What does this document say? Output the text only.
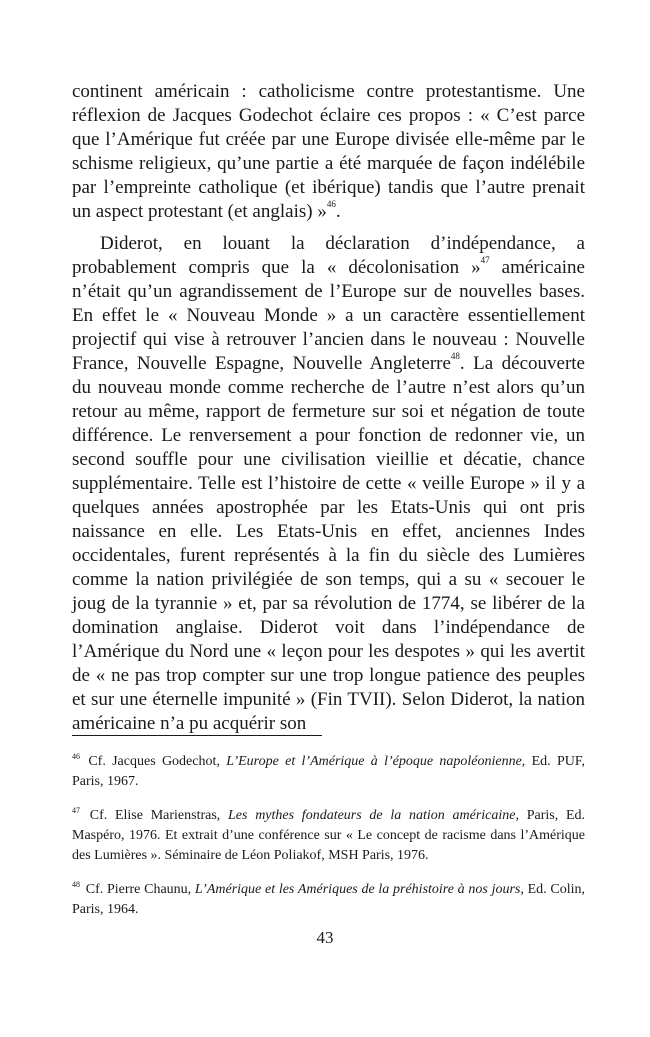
continent américain : catholicisme contre protestantisme. Une réflexion de Jacques Godechot éclaire ces propos : « C’est parce que l’Amérique fut créée par une Europe divisée elle-même par le schisme religieux, qu’une partie a été marquée de façon indélébile par l’empreinte catholique (et ibérique) tandis que l’autre prenait un aspect protestant (et anglais) »$^{46}$.

Diderot, en louant la déclaration d’indépendance, a probablement compris que la « décolonisation »$^{47}$ américaine n’était qu’un agrandissement de l’Europe sur de nouvelles bases. En effet le « Nouveau Monde » a un caractère essentiellement projectif qui vise à retrouver l’ancien dans le nouveau : Nouvelle France, Nouvelle Espagne, Nouvelle Angleterre$^{48}$. La découverte du nouveau monde comme recherche de l’autre n’est alors qu’un retour au même, rapport de fermeture sur soi et négation de toute différence. Le renversement a pour fonction de redonner vie, un second souffle pour une civilisation vieillie et décatie, chance supplémentaire. Telle est l’histoire de cette « veille Europe » il y a quelques années apostrophée par les Etats-Unis qui ont pris naissance en elle. Les Etats-Unis en effet, anciennes Indes occidentales, furent représentés à la fin du siècle des Lumières comme la nation privilégiée de son temps, qui a su « secouer le joug de la tyrannie » et, par sa révolution de 1774, se libérer de la domination anglaise. Diderot voit dans l’indépendance de l’Amérique du Nord une « leçon pour les despotes » qui les avertit de « ne pas trop compter sur une trop longue patience des peuples et sur une éternelle impunité » (Fin TVII). Selon Diderot, la nation américaine n’a pu acquérir son

$^{46}$ Cf. Jacques Godechot, L’Europe et l’Amérique à l’époque napoléonienne, Ed. PUF, Paris, 1967.

$^{47}$ Cf. Elise Marienstras, Les mythes fondateurs de la nation américaine, Paris, Ed. Maspéro, 1976. Et extrait d’une conférence sur « Le concept de racisme dans l’Amérique des Lumières ». Séminaire de Léon Poliakof, MSH Paris, 1976.

$^{48}$ Cf. Pierre Chaunu, L’Amérique et les Amériques de la préhistoire à nos jours, Ed. Colin, Paris, 1964.

43
